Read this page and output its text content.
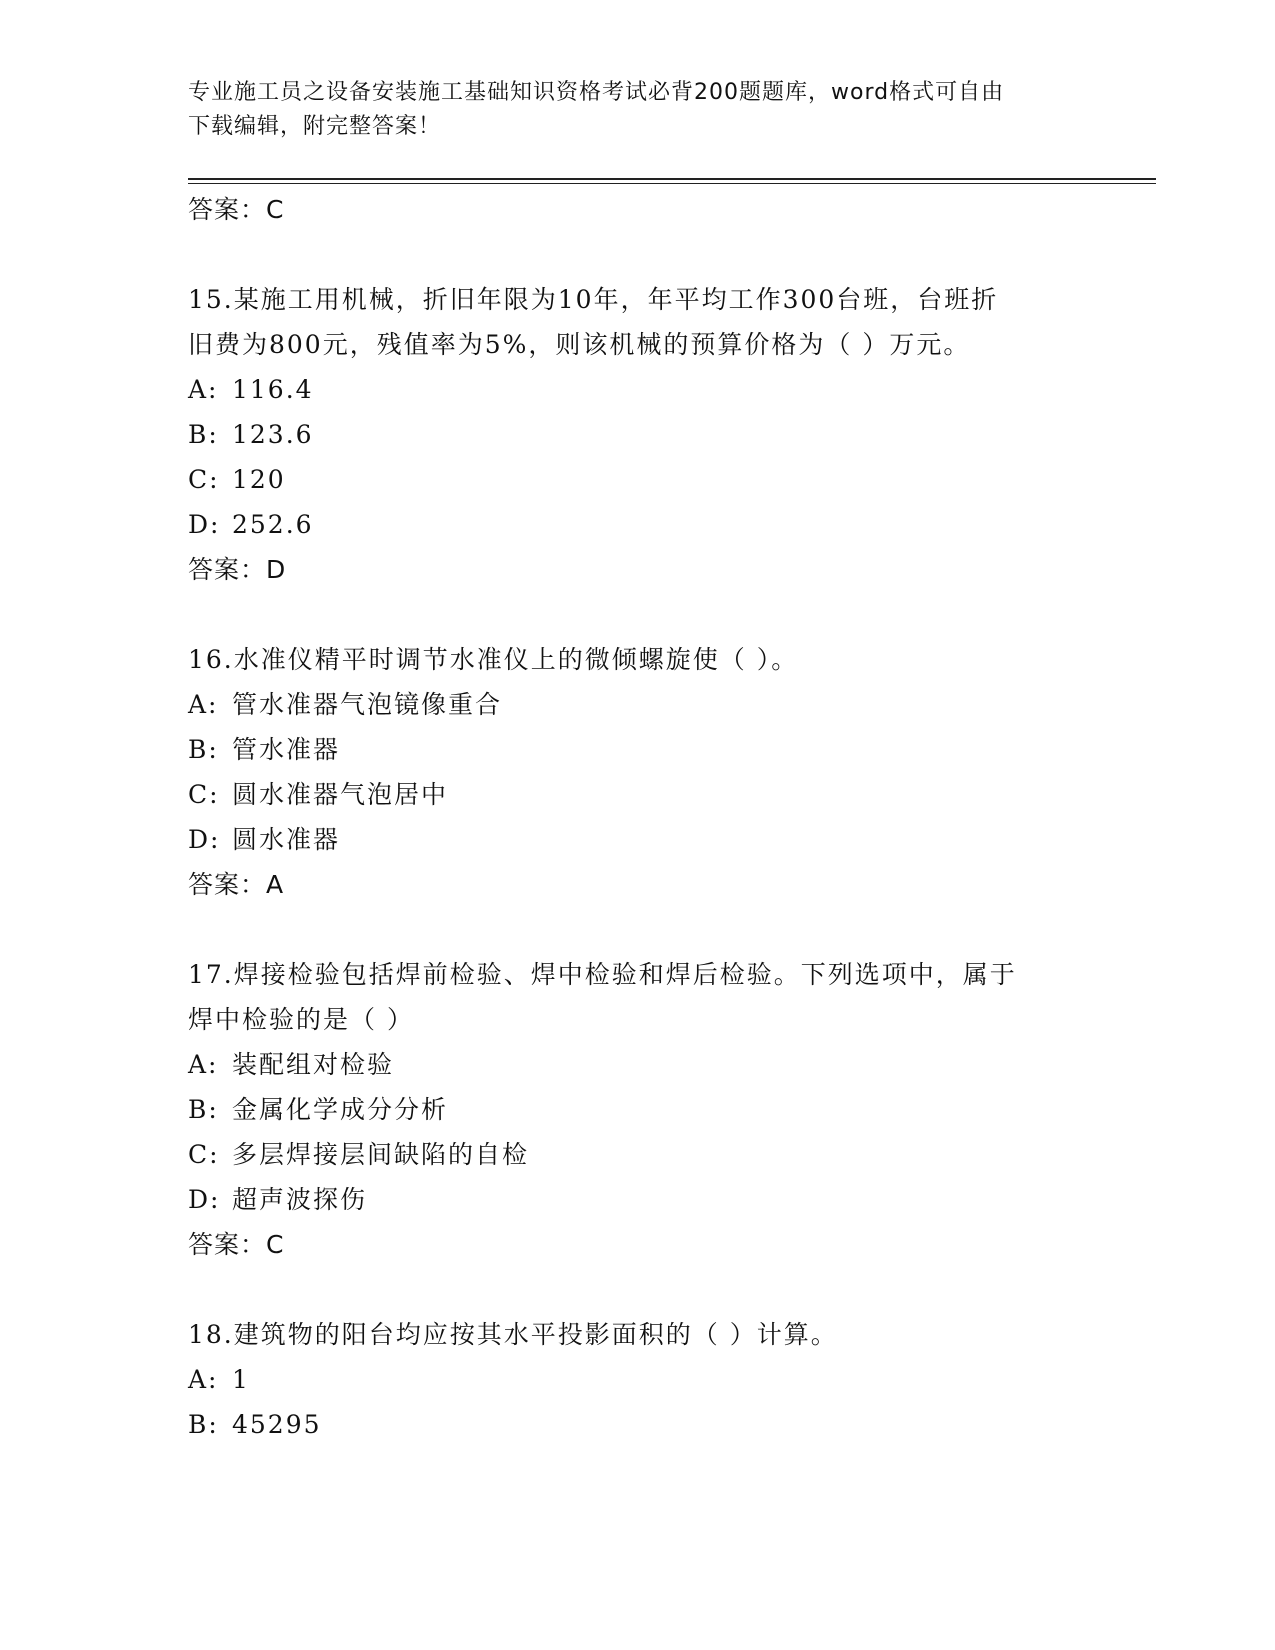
专业施工员之设备安装施工基础知识资格考试必背200题题库，word格式可自由
下载编辑，附完整答案！
答案：C
15.某施工用机械，折旧年限为10年，年平均工作300台班，台班折
旧费为800元，残值率为5%，则该机械的预算价格为（ ）万元。
A: 116.4
B: 123.6
C: 120
D: 252.6
答案：D
16.水准仪精平时调节水准仪上的微倾螺旋使（ ）。
A: 管水准器气泡镜像重合
B: 管水准器
C: 圆水准器气泡居中
D: 圆水准器
答案：A
17.焊接检验包括焊前检验、焊中检验和焊后检验。下列选项中，属于
焊中检验的是（ ）
A: 装配组对检验
B: 金属化学成分分析
C: 多层焊接层间缺陷的自检
D: 超声波探伤
答案：C
18.建筑物的阳台均应按其水平投影面积的（ ）计算。
A: 1
B: 45295
